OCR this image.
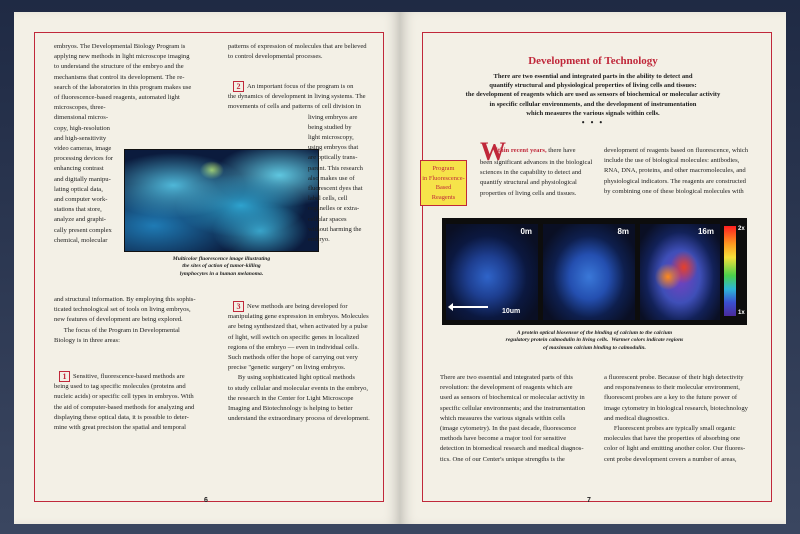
2
Multicolor fluorescence image illustrating
the sites of action of tumor-killing
lymphocytes in a human melanoma.
1
3
6
embryos. The Developmental Biology Program is
applying new methods in light microscope imaging
to understand the structure of the embryo and the
mechanisms that control its development. The re-
search of the laboratories in this program makes use
of fluorescence-based reagents, automated light
microscopes, three-
dimensional micros-
copy, high-resolution
and high-sensitivity
video cameras, image
processing devices for
enhancing contrast
and digitally manipu-
lating optical data,
and computer work-
stations that store,
analyze and graphi-
cally present complex
chemical, molecular
patterns of expression of molecules that are believed
to control developmental processes.
An important focus of the program is on
the dynamics of development in living systems. The
movements of cells and patterns of cell division in
living embryos are
being studied by
light microscopy,
using embryos that
are optically trans-
parent. This research
also makes use of
fluorescent dyes that
label cells, cell
organelles or extra-
cellular spaces
without harming the
embryo.
and structural information. By employing this sophis-
ticated technological set of tools on living embryos,
new features of development are being explored.
The focus of the Program in Developmental
Biology is in three areas:
Sensitive, fluorescence-based methods are
being used to tag specific molecules (proteins and
nucleic acids) or specific cell types in embryos. With
the aid of computer-based methods for analyzing and
displaying these optical data, it is possible to deter-
mine with great precision the spatial and temporal
New methods are being developed for
manipulating gene expression in embryos. Molecules
are being synthesized that, when activated by a pulse
of light, will switch on specific genes in localized
regions of the embryo — even in individual cells.
Such methods offer the hope of carrying out very
precise "genetic surgery" on living embryos.
By using sophisticated light optical methods
to study cellular and molecular events in the embryo,
the research in the Center for Light Microscope
Imaging and Biotechnology is helping to better
understand the extraordinary process of development.
Development of Technology
There are two essential and integrated parts in the ability to detect and
quantify structural and physiological properties of living cells and tissues:
the development of reagents which are used as sensors of biochemical or molecular activity
in specific cellular environments, and the development of instrumentation
which measures the various signals within cells.
• • •
Program
in Fluorescence-
Based
Reagents
W
ithin recent years, there have
0m	8m	16m	2x
1x
10um
A protein optical biosensor of the binding of calcium to the calcium
regulatory protein calmodulin in living cells.  Warmer colors indicate regions
of maximum calcium binding to calmodulin.
7
been significant advances in the biological
sciences in the capability to detect and
quantify structural and physiological
properties of living cells and tissues.
development of reagents based on fluorescence, which
include the use of biological molecules: antibodies,
RNA, DNA, proteins, and other macromolecules, and
physiological indicators. The reagents are constructed
by combining one of these biological molecules with
There are two essential and integrated parts of this
revolution: the development of reagents which are
used as sensors of biochemical or molecular activity in
specific cellular environments; and the instrumentation
which measures the various signals within cells
(image cytometry). In the past decade, fluorescence
methods have become a major tool for sensitive
detection in biomedical research and medical diagnos-
tics. One of our Center's unique strengths is the
a fluorescent probe. Because of their high detectivity
and responsiveness to their molecular environment,
fluorescent probes are a key to the future power of
image cytometry in biological research, biotechnology
and medical diagnostics.
Fluorescent probes are typically small organic
molecules that have the properties of absorbing one
color of light and emitting another color. Our fluores-
cent probe development covers a number of areas,
